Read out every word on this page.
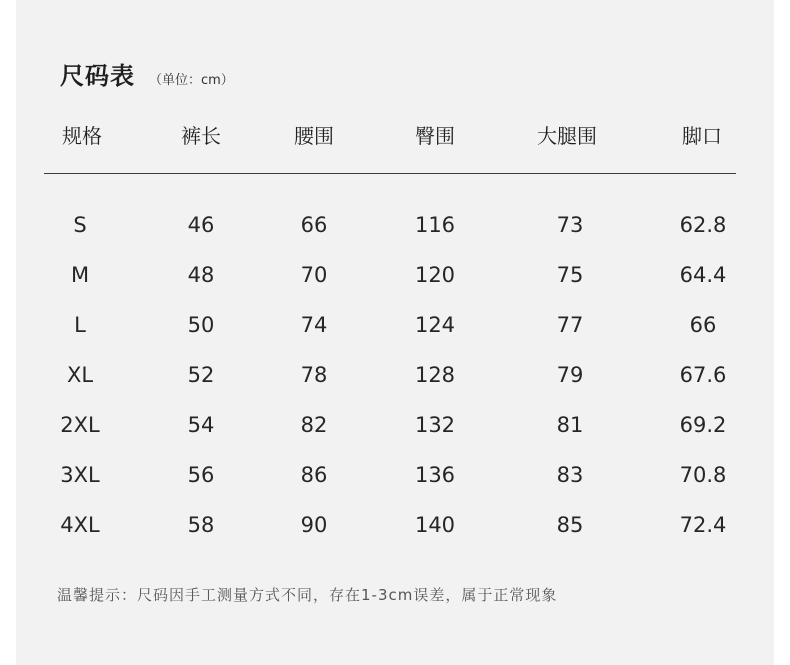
尺码表 （单位：cm）
规格	裤长	腰围	臀围	大腿围	脚口
S	46	66	116	73	62.8
M	48	70	120	75	64.4
L	50	74	124	77	66
XL	52	78	128	79	67.6
2XL	54	82	132	81	69.2
3XL	56	86	136	83	70.8
4XL	58	90	140	85	72.4
温馨提示：尺码因手工测量方式不同，存在1-3cm误差，属于正常现象
